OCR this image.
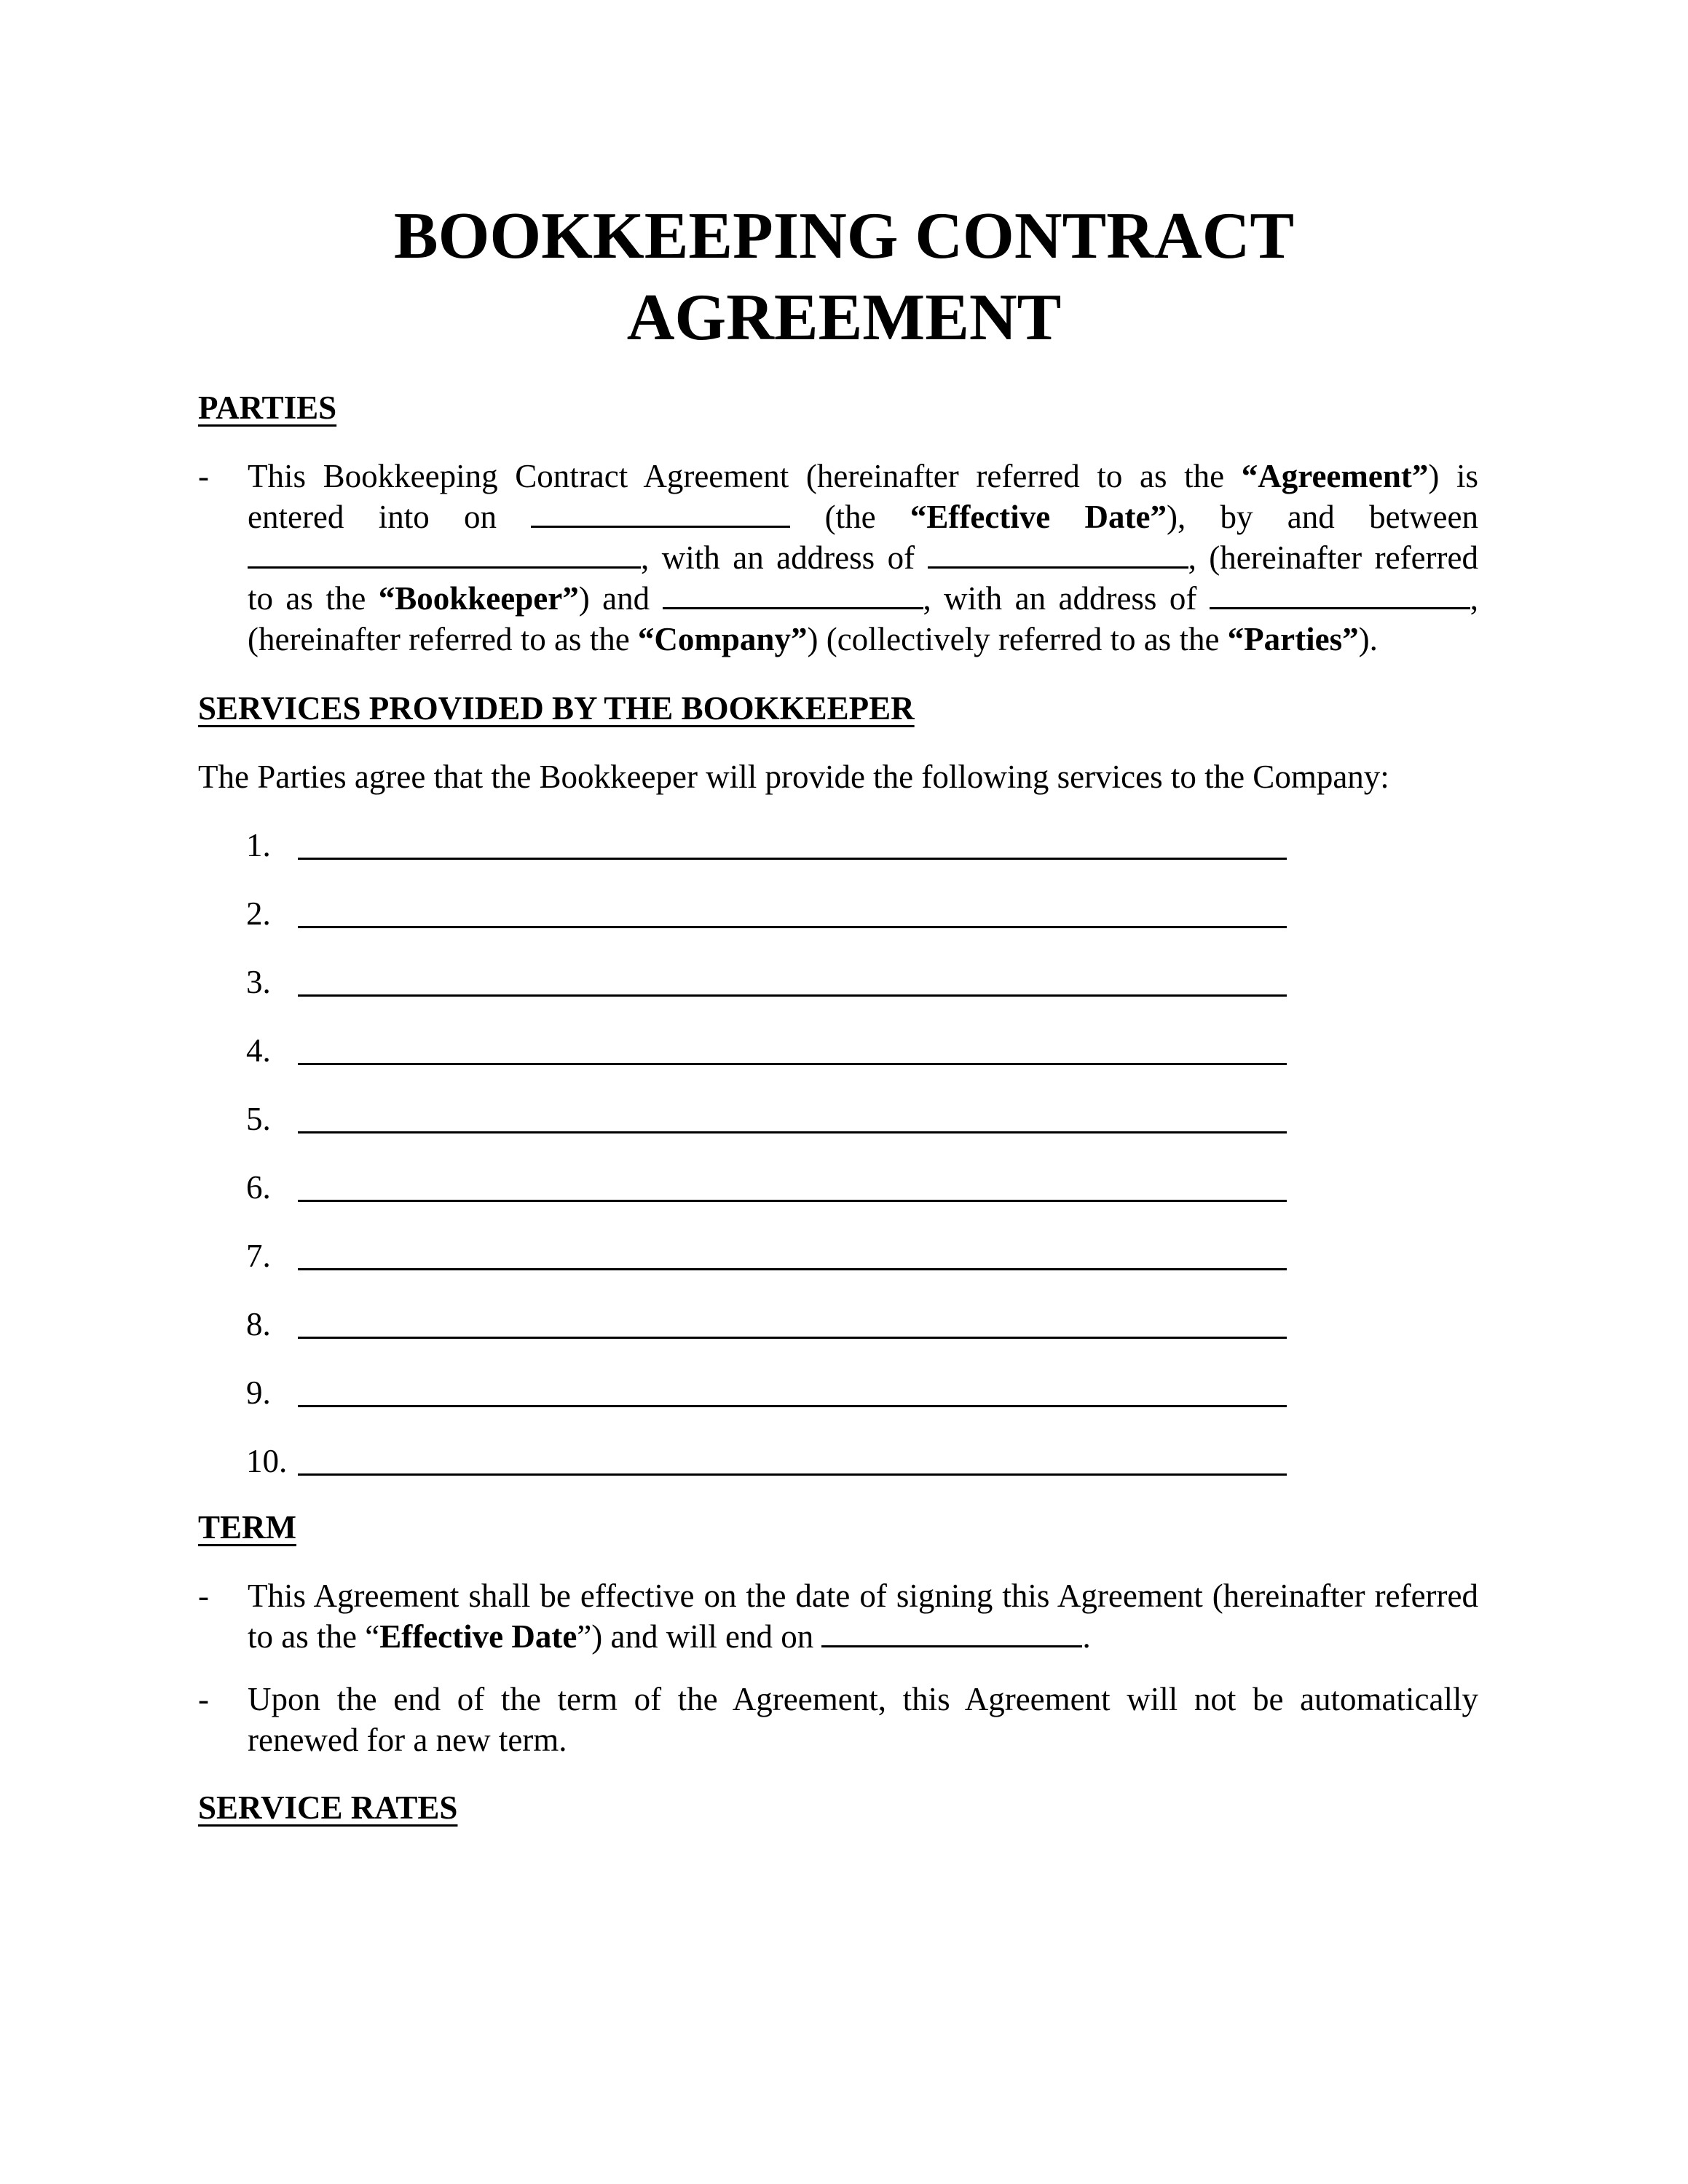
BOOKKEEPING CONTRACT
AGREEMENT
PARTIES
- This Bookkeeping Contract Agreement (hereinafter referred to as the “Agreement”) is entered into on	(the “Effective Date”), by and between , with an address of	, (hereinafter referred to as the “Bookkeeper”) and	, with an address of	, (hereinafter referred to as the “Company”) (collectively referred to as the “Parties”).
SERVICES PROVIDED BY THE BOOKKEEPER
The Parties agree that the Bookkeeper will provide the following services to the Company:
1.
2.
3.
4.
5.
6.
7.
8.
9.
10.
TERM
- This Agreement shall be effective on the date of signing this Agreement (hereinafter referred to as the “Effective Date”) and will end on	.
- Upon the end of the term of the Agreement, this Agreement will not be automatically renewed for a new term.
SERVICE RATES
